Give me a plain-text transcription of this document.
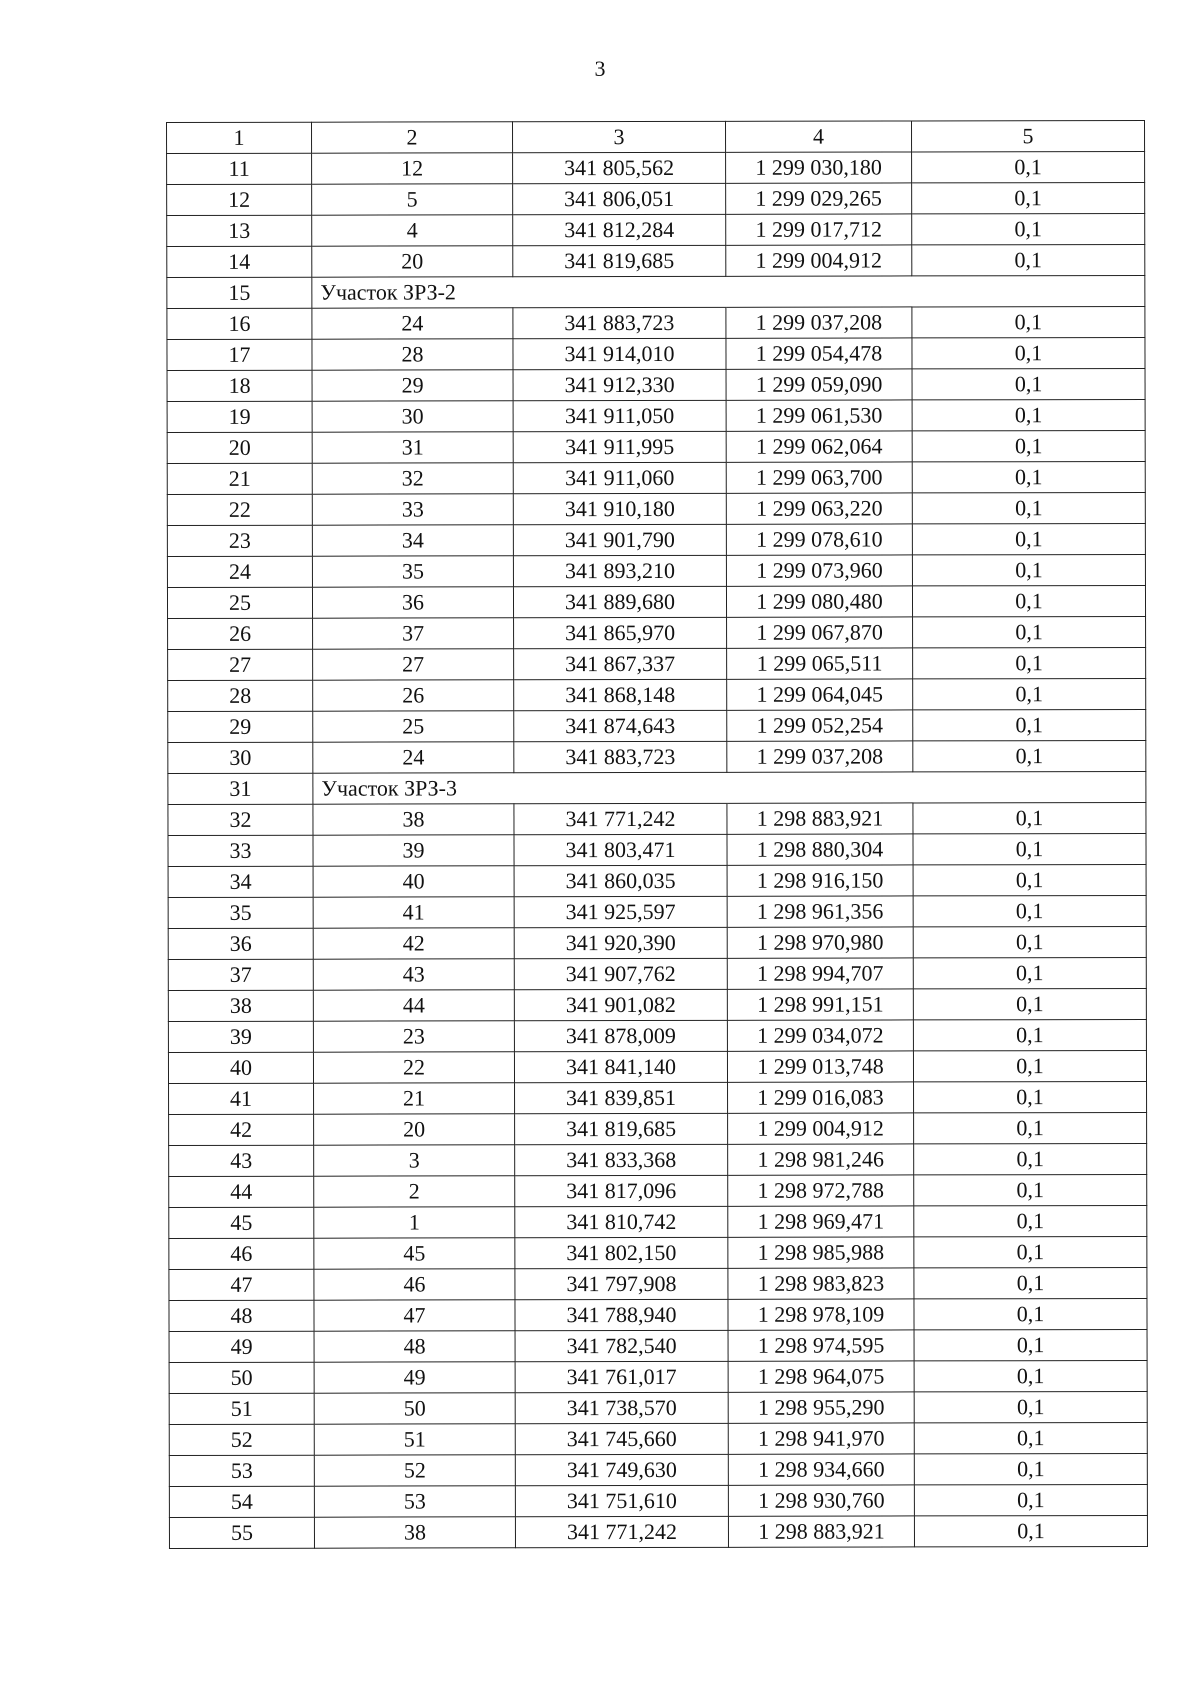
3
1	2	3	4	5
11	12	341 805,562	1 299 030,180	0,1
12	5	341 806,051	1 299 029,265	0,1
13	4	341 812,284	1 299 017,712	0,1
14	20	341 819,685	1 299 004,912	0,1
15	Участок ЗРЗ-2			
16	24	341 883,723	1 299 037,208	0,1
17	28	341 914,010	1 299 054,478	0,1
18	29	341 912,330	1 299 059,090	0,1
19	30	341 911,050	1 299 061,530	0,1
20	31	341 911,995	1 299 062,064	0,1
21	32	341 911,060	1 299 063,700	0,1
22	33	341 910,180	1 299 063,220	0,1
23	34	341 901,790	1 299 078,610	0,1
24	35	341 893,210	1 299 073,960	0,1
25	36	341 889,680	1 299 080,480	0,1
26	37	341 865,970	1 299 067,870	0,1
27	27	341 867,337	1 299 065,511	0,1
28	26	341 868,148	1 299 064,045	0,1
29	25	341 874,643	1 299 052,254	0,1
30	24	341 883,723	1 299 037,208	0,1
31	Участок ЗРЗ-3			
32	38	341 771,242	1 298 883,921	0,1
33	39	341 803,471	1 298 880,304	0,1
34	40	341 860,035	1 298 916,150	0,1
35	41	341 925,597	1 298 961,356	0,1
36	42	341 920,390	1 298 970,980	0,1
37	43	341 907,762	1 298 994,707	0,1
38	44	341 901,082	1 298 991,151	0,1
39	23	341 878,009	1 299 034,072	0,1
40	22	341 841,140	1 299 013,748	0,1
41	21	341 839,851	1 299 016,083	0,1
42	20	341 819,685	1 299 004,912	0,1
43	3	341 833,368	1 298 981,246	0,1
44	2	341 817,096	1 298 972,788	0,1
45	1	341 810,742	1 298 969,471	0,1
46	45	341 802,150	1 298 985,988	0,1
47	46	341 797,908	1 298 983,823	0,1
48	47	341 788,940	1 298 978,109	0,1
49	48	341 782,540	1 298 974,595	0,1
50	49	341 761,017	1 298 964,075	0,1
51	50	341 738,570	1 298 955,290	0,1
52	51	341 745,660	1 298 941,970	0,1
53	52	341 749,630	1 298 934,660	0,1
54	53	341 751,610	1 298 930,760	0,1
55	38	341 771,242	1 298 883,921	0,1
